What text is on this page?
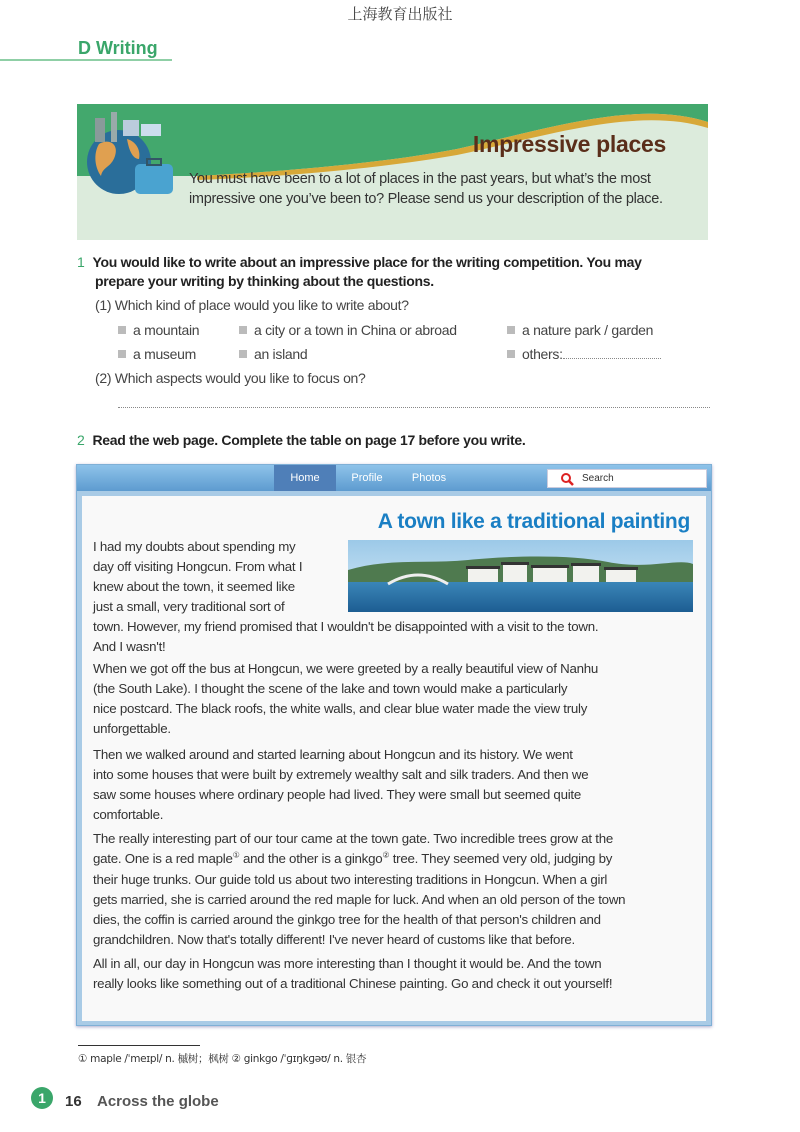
上海教育出版社
D Writing
Impressive places
You must have been to a lot of places in the past years, but what’s the most impressive one you’ve been to? Please send us your description of the place.
1 You would like to write about an impressive place for the writing competition. You may
prepare your writing by thinking about the questions.
(1) Which kind of place would you like to write about?
a mountain	a city or a town in China or abroad	a nature park / garden
a museum	an island	others:
(2) Which aspects would you like to focus on?
2 Read the web page. Complete the table on page 17 before you write.
Home	Profile	Photos	Search
A town like a traditional painting
I had my doubts about spending my
day off visiting Hongcun. From what I
knew about the town, it seemed like
just a small, very traditional sort of
town. However, my friend promised that I wouldn't be disappointed with a visit to the town.
And I wasn't!
When we got off the bus at Hongcun, we were greeted by a really beautiful view of Nanhu
(the South Lake). I thought the scene of the lake and town would make a particularly
nice postcard. The black roofs, the white walls, and clear blue water made the view truly
unforgettable.
Then we walked around and started learning about Hongcun and its history. We went
into some houses that were built by extremely wealthy salt and silk traders. And then we
saw some houses where ordinary people had lived. They were small but seemed quite
comfortable.
The really interesting part of our tour came at the town gate. Two incredible trees grow at the
gate. One is a red maple① and the other is a ginkgo② tree. They seemed very old, judging by
their huge trunks. Our guide told us about two interesting traditions in Hongcun. When a girl
gets married, she is carried around the red maple for luck. And when an old person of the town
dies, the coffin is carried around the ginkgo tree for the health of that person's children and
grandchildren. Now that's totally different! I've never heard of customs like that before.
All in all, our day in Hongcun was more interesting than I thought it would be. And the town
really looks like something out of a traditional Chinese painting. Go and check it out yourself!
① maple /ˈmeɪpl/ n. 槭树；枫树 ② ginkgo /ˈɡɪŋkɡəʊ/ n. 银杏
1	16 Across the globe
